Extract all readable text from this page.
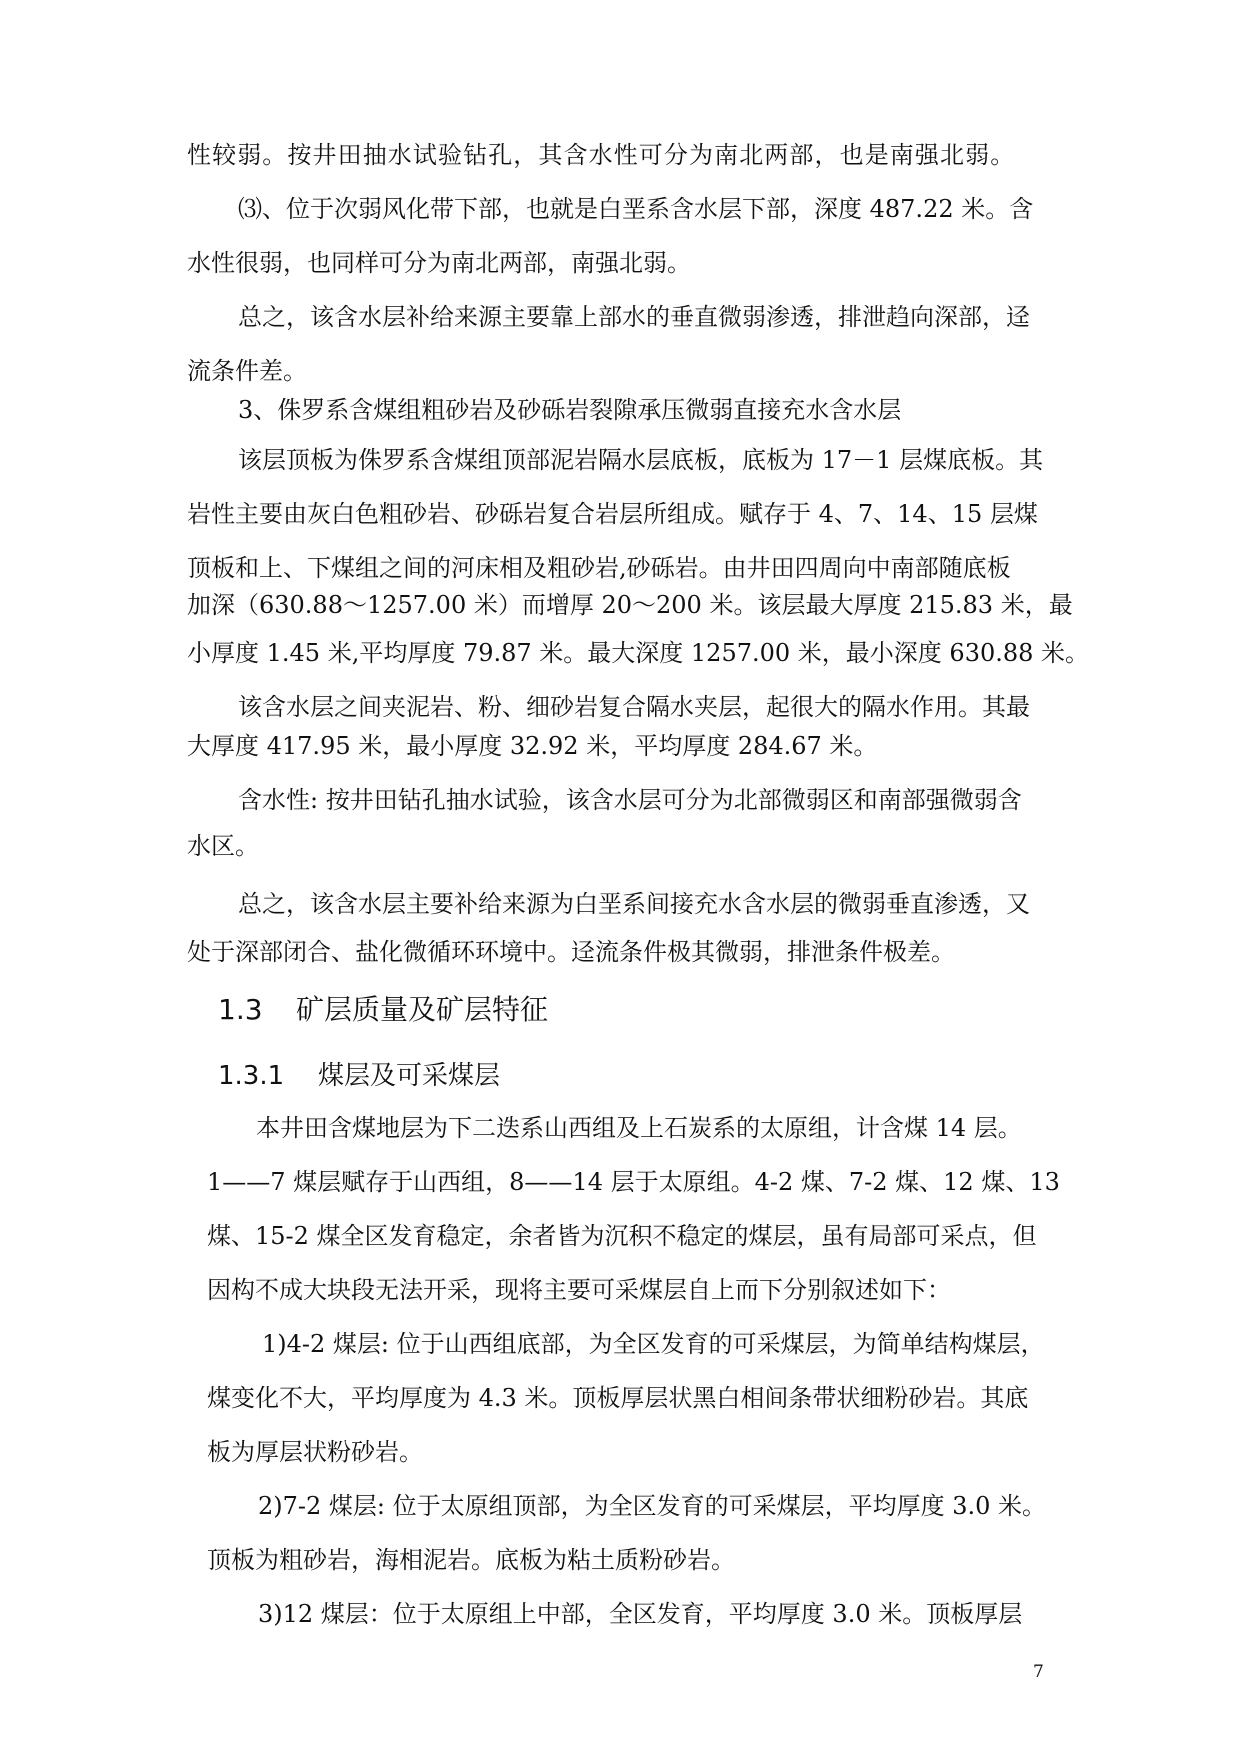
性较弱。按井田抽水试验钻孔，其含水性可分为南北两部，也是南强北弱。
⑶、位于次弱风化带下部，也就是白垩系含水层下部，深度 487.22 米。含
水性很弱，也同样可分为南北两部，南强北弱。
总之，该含水层补给来源主要靠上部水的垂直微弱渗透，排泄趋向深部，迳
流条件差。
3、侏罗系含煤组粗砂岩及砂砾岩裂隙承压微弱直接充水含水层
该层顶板为侏罗系含煤组顶部泥岩隔水层底板，底板为 17－1 层煤底板。其
岩性主要由灰白色粗砂岩、砂砾岩复合岩层所组成。赋存于 4、7、14、15 层煤
顶板和上、下煤组之间的河床相及粗砂岩,砂砾岩。由井田四周向中南部随底板
加深（630.88～1257.00 米）而增厚 20～200 米。该层最大厚度 215.83 米，最
小厚度 1.45 米,平均厚度 79.87 米。最大深度 1257.00 米，最小深度 630.88 米。
该含水层之间夹泥岩、粉、细砂岩复合隔水夹层，起很大的隔水作用。其最
大厚度 417.95 米，最小厚度 32.92 米，平均厚度 284.67 米。
含水性: 按井田钻孔抽水试验，该含水层可分为北部微弱区和南部强微弱含
水区。
总之，该含水层主要补给来源为白垩系间接充水含水层的微弱垂直渗透，又
处于深部闭合、盐化微循环环境中。迳流条件极其微弱，排泄条件极差。
1.3 矿层质量及矿层特征
1.3.1 煤层及可采煤层
本井田含煤地层为下二迭系山西组及上石炭系的太原组，计含煤 14 层。
1——7 煤层赋存于山西组，8——14 层于太原组。4-2 煤、7-2 煤、12 煤、13
煤、15-2 煤全区发育稳定，余者皆为沉积不稳定的煤层，虽有局部可采点，但
因构不成大块段无法开采，现将主要可采煤层自上而下分别叙述如下：
1)4-2 煤层: 位于山西组底部，为全区发育的可采煤层，为简单结构煤层，
煤变化不大，平均厚度为 4.3 米。顶板厚层状黑白相间条带状细粉砂岩。其底
板为厚层状粉砂岩。
2)7-2 煤层: 位于太原组顶部，为全区发育的可采煤层，平均厚度 3.0 米。
顶板为粗砂岩，海相泥岩。底板为粘土质粉砂岩。
3)12 煤层：位于太原组上中部，全区发育，平均厚度 3.0 米。顶板厚层
7
